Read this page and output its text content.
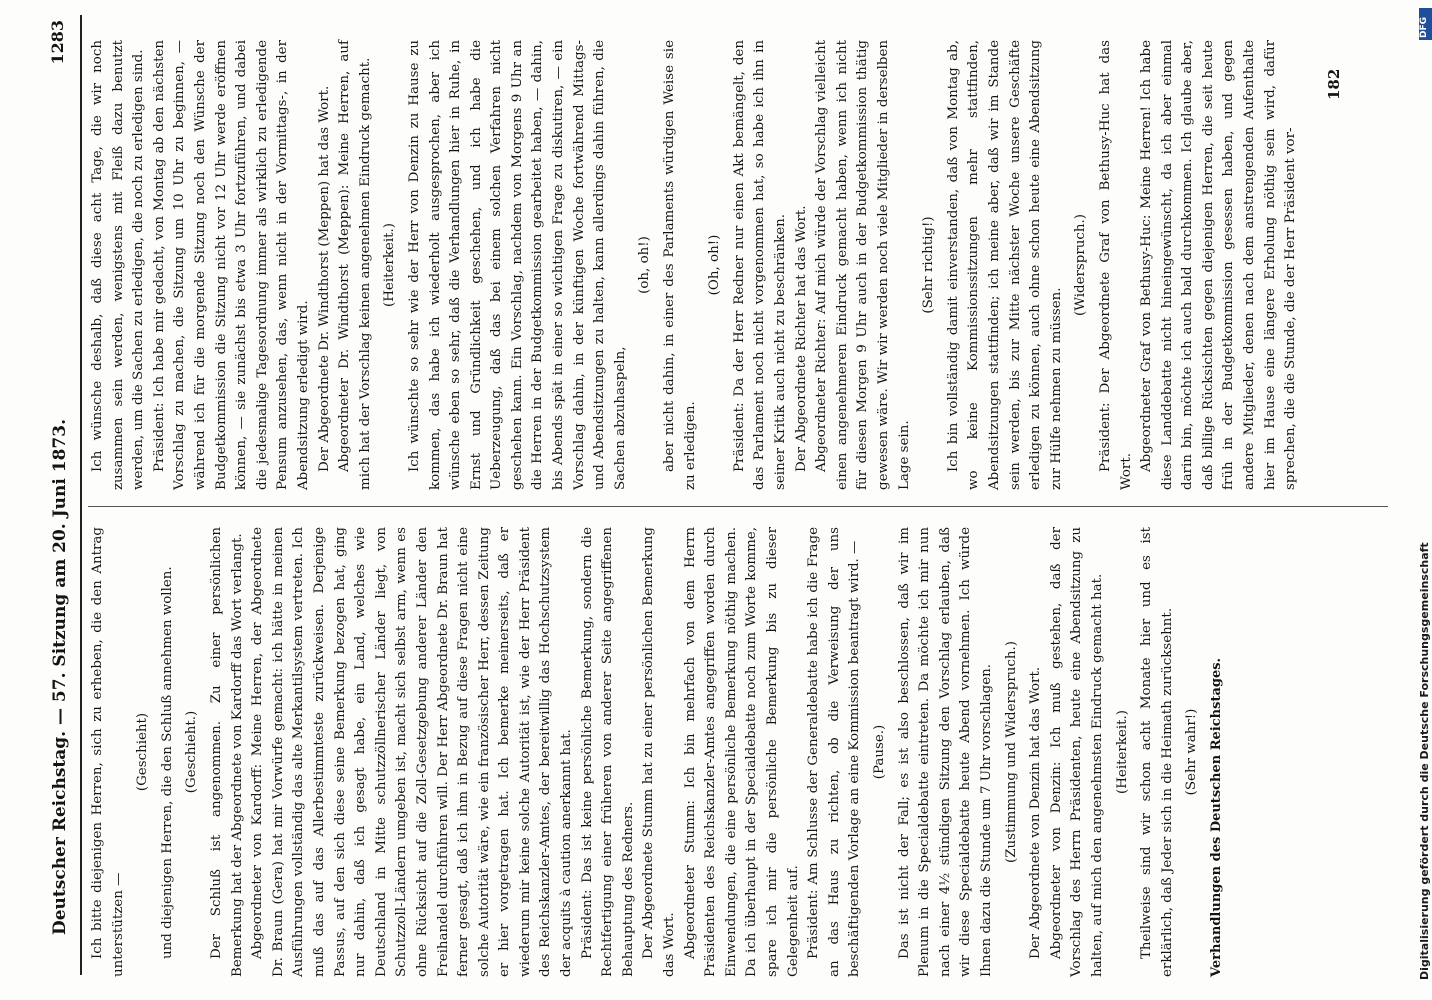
Deutscher Reichstag. — 57. Sitzung am 20. Juni 1873.
1283

Ich bitte diejenigen Herren, sich zu erheben, die den Antrag unterstützen —

(Geschieht) und diejenigen Herren, die den Schluß annehmen wollen. (Geschieht.) Der Schluß ist angenommen. Zu einer persönlichen Bemerkung hat der Abgeordnete von Kardorff das Wort verlangt. Abgeordneter von Kardorff: Meine Herren, der Abgeordnete Dr. Braun (Gera) hat mir Vorwürfe gemacht: ich hätte in meinen Ausführungen vollständig das alte Merkantilsystem vertreten. Ich muß das auf das Allerbestimmteste zurückweisen. Derjenige Passus, auf den sich diese seine Bemerkung bezogen hat, ging nur dahin, daß ich gesagt habe, ein Land, welches wie Deutschland in Mitte schutzzöllnerischer Länder liegt, von Schutzzoll-Ländern umgeben ist, macht sich selbst arm, wenn es ohne Rücksicht auf die Zoll-Gesetzgebung anderer Länder den Freihandel durchführen will. Der Herr Abgeordnete Dr. Braun hat ferner gesagt, daß ich ihm in Bezug auf diese Fragen nicht eine solche Autorität wäre, wie ein französischer Herr, dessen Zeitung er hier vorgetragen hat. Ich bemerke meinerseits, daß er wiederum mir keine solche Autorität ist, wie der Herr Präsident des Reichskanzler-Amtes, der bereitwillig das Hochschutzsystem der acquits à caution anerkannt hat. Präsident: Das ist keine persönliche Bemerkung, sondern die Rechtfertigung einer früheren von anderer Seite angegriffenen Behauptung des Redners. Der Abgeordnete Stumm hat zu einer persönlichen Bemerkung das Wort. Abgeordneter Stumm: Ich bin mehrfach von dem Herrn Präsidenten des Reichskanzler-Amtes angegriffen worden durch Einwendungen, die eine persönliche Bemerkung nöthig machen. Da ich überhaupt in der Specialdebatte noch zum Worte komme, spare ich mir die persönliche Bemerkung bis zu dieser Gelegenheit auf. Präsident: Am Schlusse der Generaldebatte habe ich die Frage an das Haus zu richten, ob die Verweisung der uns beschäftigenden Vorlage an eine Kommission beantragt wird. — (Pause.) Das ist nicht der Fall; es ist also beschlossen, daß wir im Plenum in die Specialdebatte eintreten. Da möchte ich mir nun nach einer 4½ stündigen Sitzung den Vorschlag erlauben, daß wir diese Specialdebatte heute Abend vornehmen. Ich würde Ihnen dazu die Stunde um 7 Uhr vorschlagen. (Zustimmung und Widerspruch.) Der Abgeordnete von Denzin hat das Wort. Abgeordneter von Denzin: Ich muß gestehen, daß der Vorschlag des Herrn Präsidenten, heute eine Abendsitzung zu halten, auf mich den angenehmsten Eindruck gemacht hat. (Heiterkeit.) Theilweise sind wir schon acht Monate hier und es ist erklärlich, daß Jeder sich in die Heimath zurücksehnt. (Sehr wahr!) Verhandlungen des Deutschen Reichstages.

Ich wünsche deshalb, daß diese acht Tage, die wir noch zusammen sein werden, wenigstens mit Fleiß dazu benutzt werden, um die Sachen zu erledigen, die noch zu erledigen sind. Präsident: Ich habe mir gedacht, von Montag ab den nächsten Vorschlag zu machen, die Sitzung um 10 Uhr zu beginnen, — während ich für die morgende Sitzung noch den Wünsche der Budgetkommission die Sitzung nicht vor 12 Uhr werde eröffnen können, — sie zunächst bis etwa 3 Uhr fortzuführen, und dabei die jedesmalige Tagesordnung immer als wirklich zu erledigende Pensum anzusehen, das, wenn nicht in der Vormittags-, in der Abendsitzung erledigt wird. Der Abgeordnete Dr. Windthorst (Meppen) hat das Wort. Abgeordneter Dr. Windthorst (Meppen): Meine Herren, auf mich hat der Vorschlag keinen angenehmen Eindruck gemacht. (Heiterkeit.) Ich wünschte so sehr wie der Herr von Denzin zu Hause zu kommen, das habe ich wiederholt ausgesprochen, aber ich wünsche eben so sehr, daß die Verhandlungen hier in Ruhe, in Ernst und Gründlichkeit geschehen, und ich habe die Ueberzeugung, daß das bei einem solchen Verfahren nicht geschehen kann. Ein Vorschlag, nachdem von Morgens 9 Uhr an die Herren in der Budgetkommission gearbeitet haben, — dahin, bis Abends spät in einer so wichtigen Frage zu diskutiren, — ein Vorschlag dahin, in der künftigen Woche fortwährend Mittags- und Abendsitzungen zu halten, kann allerdings dahin führen, die Sachen abzuhaspeln,

(oh, oh!) aber nicht dahin, in einer des Parlaments würdigen Weise sie zu erledigen.

(Oh, oh!) Präsident: Da der Herr Redner nur einen Akt bemängelt, den das Parlament noch nicht vorgenommen hat, so habe ich ihn in seiner Kritik auch nicht zu beschränken. Der Abgeordnete Richter hat das Wort. Abgeordneter Richter: Auf mich würde der Vorschlag vielleicht einen angenehmeren Eindruck gemacht haben, wenn ich nicht für diesen Morgen 9 Uhr auch in der Budgetkommission thätig gewesen wäre. Wir wir werden noch viele Mitglieder in derselben Lage sein.

(Sehr richtig!) Ich bin vollständig damit einverstanden, daß von Montag ab, wo keine Kommissionssitzungen mehr stattfinden, Abendsitzungen stattfinden; ich meine aber, daß wir im Stande sein werden, bis zur Mitte nächster Woche unsere Geschäfte erledigen zu können, auch ohne schon heute eine Abendsitzung zur Hülfe nehmen zu müssen.

(Widerspruch.) Präsident: Der Abgeordnete Graf von Bethusy-Huc hat das Wort. Abgeordneter Graf von Bethusy-Huc: Meine Herren! Ich habe diese Landdebatte nicht hineingewünscht, da ich aber einmal darin bin, möchte ich auch bald durchkommen. Ich glaube aber, daß billige Rücksichten gegen diejenigen Herren, die seit heute früh in der Budgetkommission gesessen haben, und gegen andere Mitglieder, denen nach dem anstrengenden Aufenthalte hier im Hause eine längere Erholung nöthig sein wird, dafür sprechen, die die Stunde, die der Herr Präsident vor-

182
DFG
Digitalisierung gefördert durch die Deutsche Forschungsgemeinschaft
